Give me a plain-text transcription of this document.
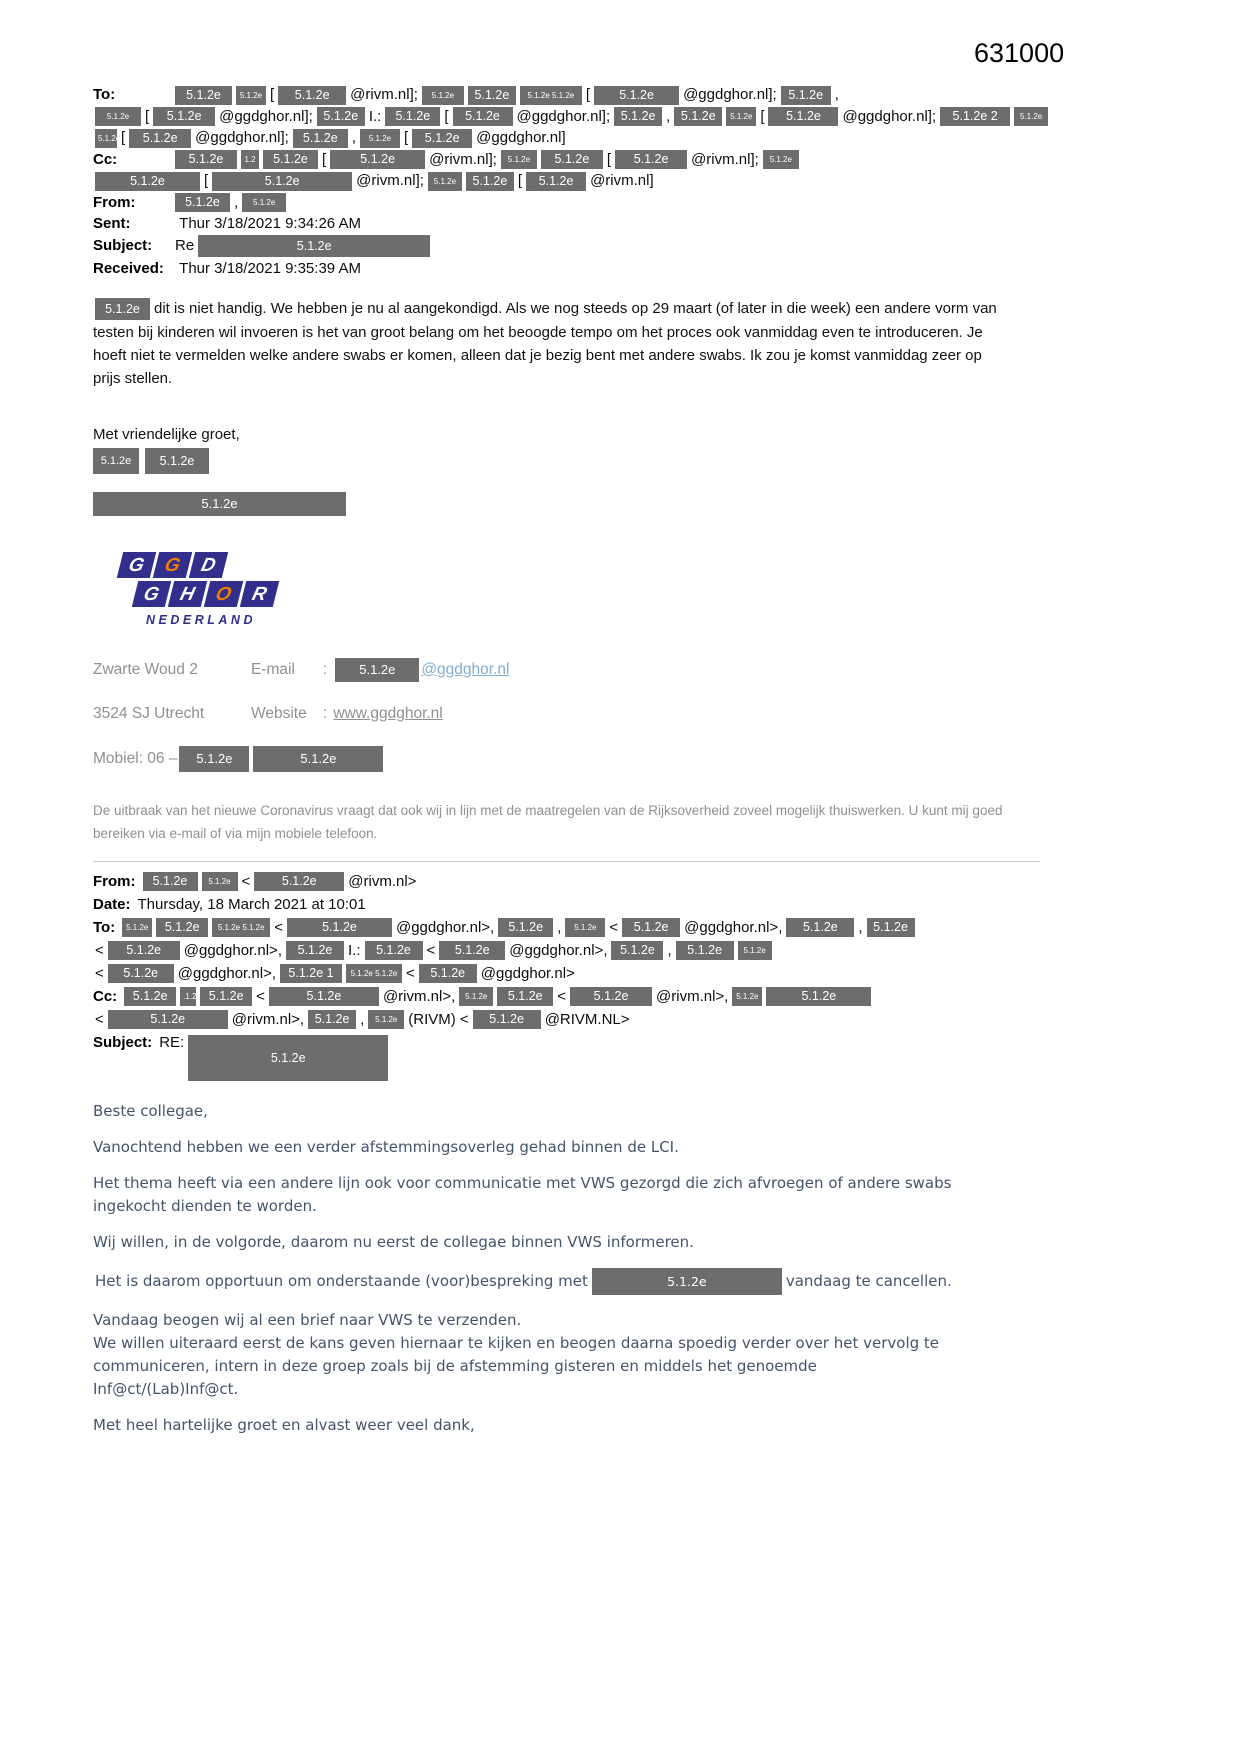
631000
To:	5.1.2e 5.1.2e [ 5.1.2e @rivm.nl]; 5.1.2e 5.1.2e 5.1.2e 5.1.2e [ 5.1.2e @ggdghor.nl]; 5.1.2e ,
5.1.2e [ 5.1.2e @ggdghor.nl]; 5.1.2e I.: 5.1.2e [ 5.1.2e @ggdghor.nl]; 5.1.2e , 5.1.2e 5.1.2e [ 5.1.2e @ggdghor.nl]; 5.1.2e 2	5.1.2e
5.1.2e[ 5.1.2e @ggdghor.nl]; 5.1.2e , 5.1.2e [ 5.1.2e @ggdghor.nl]
Cc:	5.1.2e	1.2 5.1.2e [	5.1.2e @rivm.nl]; 5.1.2e 5.1.2e [ 5.1.2e @rivm.nl]; 5.1.2e
5.1.2e	[	5.1.2e	@rivm.nl]; 5.1.2e 5.1.2e [ 5.1.2e @rivm.nl]
From:	5.1.2e , 5.1.2e
Sent:	Thur 3/18/2021 9:34:26 AM
Subject: Re	5.1.2e
Received: Thur 3/18/2021 9:35:39 AM
5.1.2e dit is niet handig. We hebben je nu al aangekondigd. Als we nog steeds op 29 maart (of later in die week) een andere vorm van testen bij kinderen wil invoeren is het van groot belang om het beoogde tempo om het proces ook vanmiddag even te introduceren. Je hoeft niet te vermelden welke andere swabs er komen, alleen dat je bezig bent met andere swabs. Ik zou je komst vanmiddag zeer op prijs stellen.
Met vriendelijke groet,
5.1.2e 5.1.2e
5.1.2e
G G D
G H O R
NEDERLAND
Zwarte Woud 2	E-mail	:	5.1.2e	@ggdghor.nl
3524 SJ Utrecht	Website	: www.ggdghor.nl
Mobiel: 06 –	5.1.2e	5.1.2e

De uitbraak van het nieuwe Coronavirus vraagt dat ook wij in lijn met de maatregelen van de Rijksoverheid zoveel mogelijk thuiswerken. U kunt mij goed bereiken via e-mail of via mijn mobiele telefoon.

From: 5.1.2e	5.1.2e <	5.1.2e @rivm.nl>
Date: Thursday, 18 March 2021 at 10:01
To: 5.1.2e 5.1.2e 5.1.2e 5.1.2e <	5.1.2e	@ggdghor.nl>, 5.1.2e , 5.1.2e < 5.1.2e @ggdghor.nl>, 5.1.2e , 5.1.2e
< 5.1.2e @ggdghor.nl>, 5.1.2e I.: 5.1.2e < 5.1.2e @ggdghor.nl>, 5.1.2e , 5.1.2e	5.1.2e
< 5.1.2e @ggdghor.nl>, 5.1.2e 1 5.1.2e 5.1.2e < 5.1.2e @ggdghor.nl>
Cc: 5.1.2e .1.2 5.1.2e <	5.1.2e	@rivm.nl>, 5.1.2e 5.1.2e < 5.1.2e @rivm.nl>, 5.1.2e	5.1.2e
<	5.1.2e	@rivm.nl>, 5.1.2e , 5.1.2e (RIVM) < 5.1.2e @RIVM.NL>
Subject: RE:5.1.2e
Beste collegae,
Vanochtend hebben we een verder afstemmingsoverleg gehad binnen de LCI.
Het thema heeft via een andere lijn ook voor communicatie met VWS gezorgd die zich afvroegen of andere swabs ingekocht dienden te worden.
Wij willen, in de volgorde, daarom nu eerst de collegae binnen VWS informeren.
Het is daarom opportuun om onderstaande (voor)bespreking met	5.1.2e	vandaag te cancellen.
Vandaag beogen wij al een brief naar VWS te verzenden.
We willen uiteraard eerst de kans geven hiernaar te kijken en beogen daarna spoedig verder over het vervolg te communiceren, intern in deze groep zoals bij de afstemming gisteren en middels het genoemde
Inf@ct/(Lab)Inf@ct.
Met heel hartelijke groet en alvast weer veel dank,
